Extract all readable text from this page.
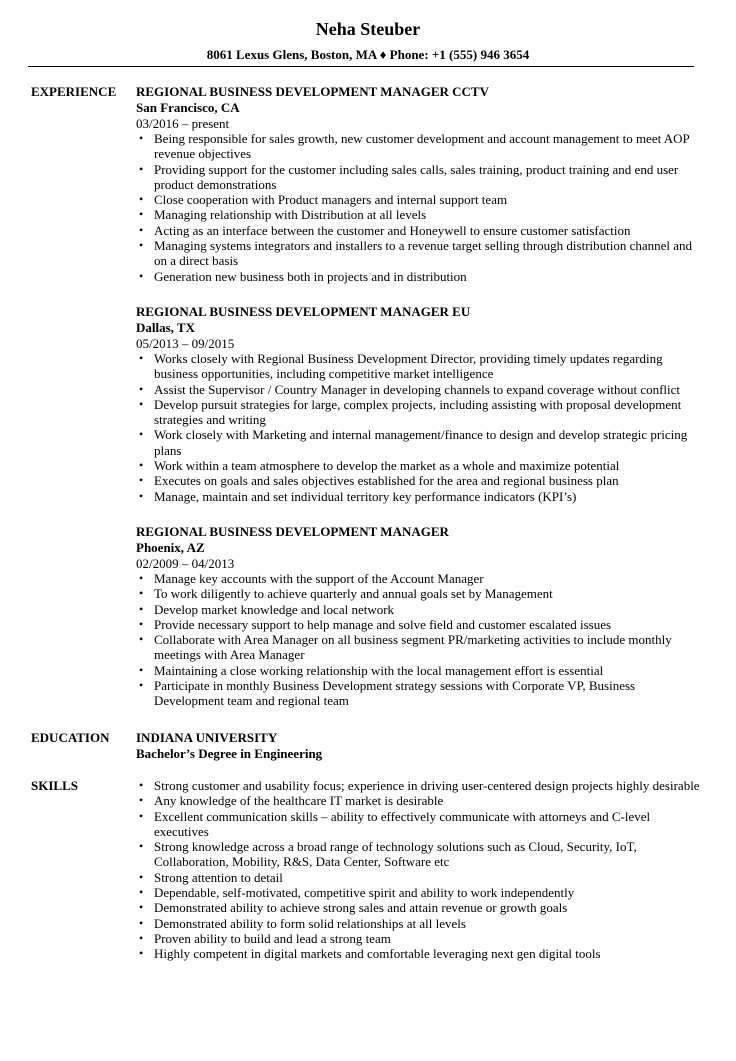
Neha Steuber
8061 Lexus Glens, Boston, MA ♦ Phone: +1 (555) 946 3654
EXPERIENCE REGIONAL BUSINESS DEVELOPMENT MANAGER CCTV
San Francisco, CA
03/2016 – present
• Being responsible for sales growth, new customer development and account management to meet AOP revenue objectives
• Providing support for the customer including sales calls, sales training, product training and end user product demonstrations
• Close cooperation with Product managers and internal support team
• Managing relationship with Distribution at all levels
• Acting as an interface between the customer and Honeywell to ensure customer satisfaction
• Managing systems integrators and installers to a revenue target selling through distribution channel and on a direct basis
• Generation new business both in projects and in distribution
REGIONAL BUSINESS DEVELOPMENT MANAGER EU
Dallas, TX
05/2013 – 09/2015
• Works closely with Regional Business Development Director, providing timely updates regarding business opportunities, including competitive market intelligence
• Assist the Supervisor / Country Manager in developing channels to expand coverage without conflict
• Develop pursuit strategies for large, complex projects, including assisting with proposal development strategies and writing
• Work closely with Marketing and internal management/finance to design and develop strategic pricing plans
• Work within a team atmosphere to develop the market as a whole and maximize potential
• Executes on goals and sales objectives established for the area and regional business plan
• Manage, maintain and set individual territory key performance indicators (KPI’s)
REGIONAL BUSINESS DEVELOPMENT MANAGER
Phoenix, AZ
02/2009 – 04/2013
• Manage key accounts with the support of the Account Manager
• To work diligently to achieve quarterly and annual goals set by Management
• Develop market knowledge and local network
• Provide necessary support to help manage and solve field and customer escalated issues
• Collaborate with Area Manager on all business segment PR/marketing activities to include monthly meetings with Area Manager
• Maintaining a close working relationship with the local management effort is essential
• Participate in monthly Business Development strategy sessions with Corporate VP, Business Development team and regional team
EDUCATION INDIANA UNIVERSITY
Bachelor’s Degree in Engineering
SKILLS	• Strong customer and usability focus; experience in driving user-centered design projects highly desirable
• Any knowledge of the healthcare IT market is desirable
• Excellent communication skills – ability to effectively communicate with attorneys and C-level executives
• Strong knowledge across a broad range of technology solutions such as Cloud, Security, IoT, Collaboration, Mobility, R&S, Data Center, Software etc
• Strong attention to detail
• Dependable, self-motivated, competitive spirit and ability to work independently
• Demonstrated ability to achieve strong sales and attain revenue or growth goals
• Demonstrated ability to form solid relationships at all levels
• Proven ability to build and lead a strong team
• Highly competent in digital markets and comfortable leveraging next gen digital tools
